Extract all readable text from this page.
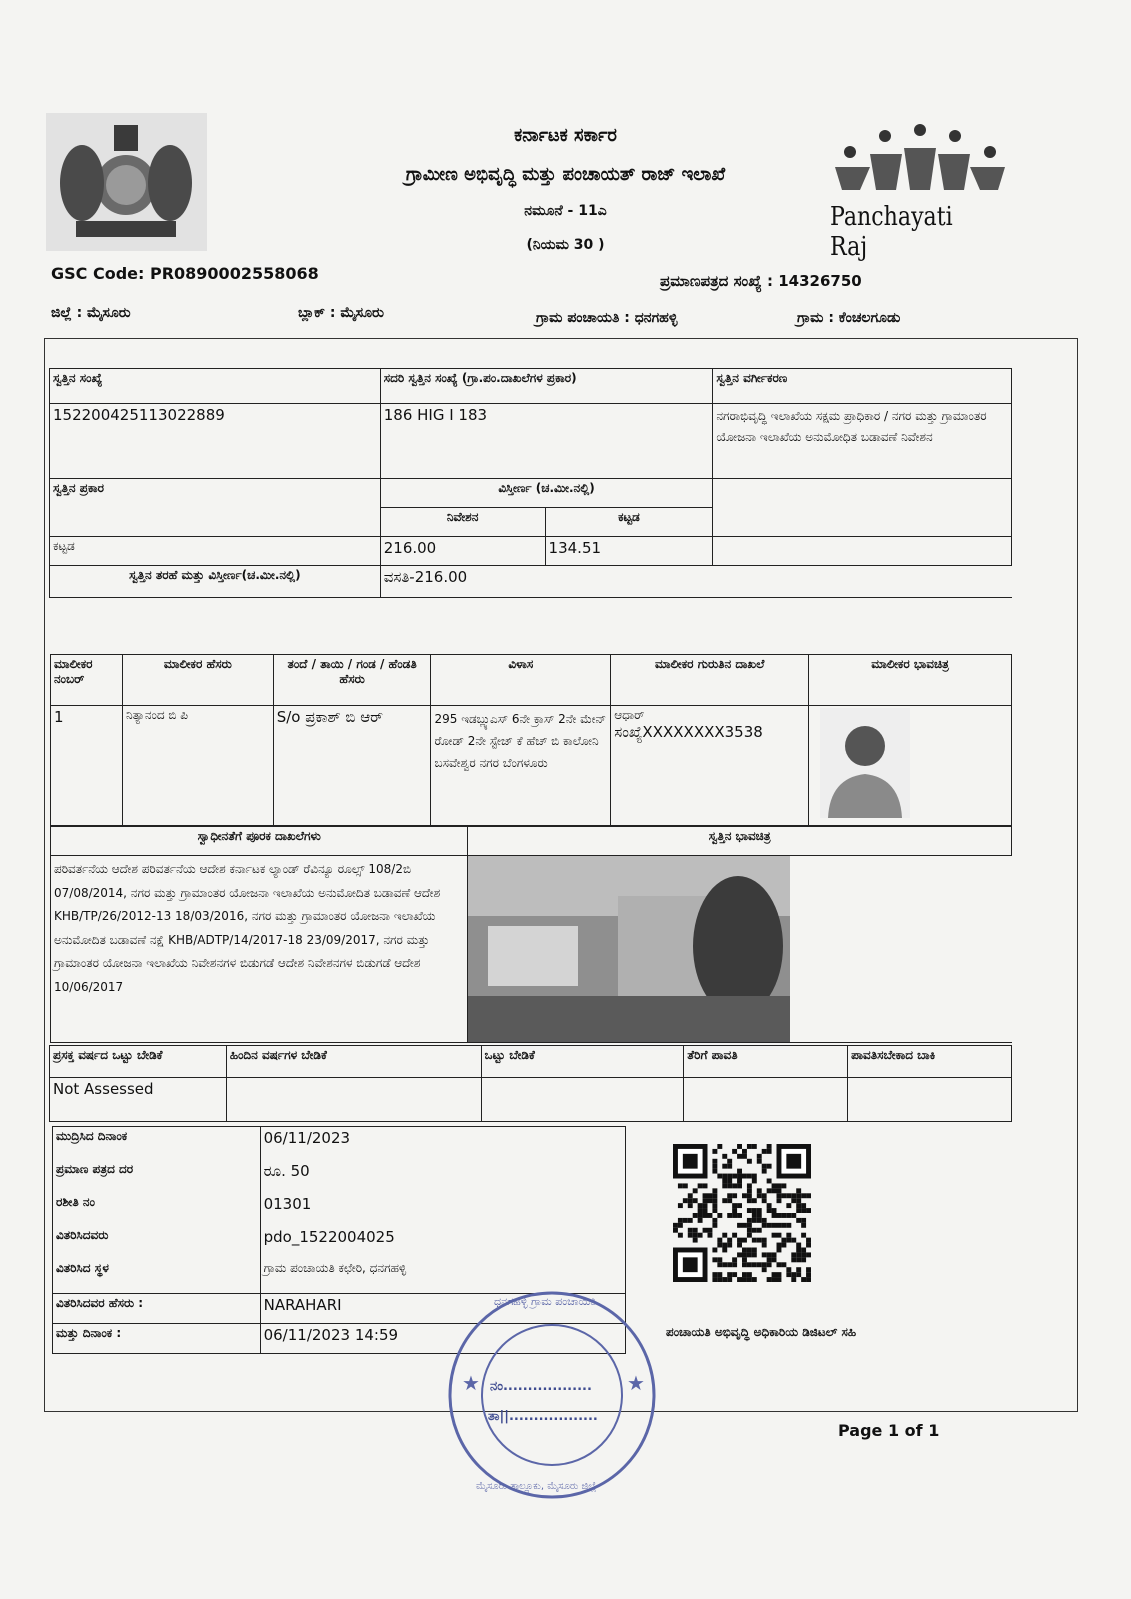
ಕರ್ನಾಟಕ ಸರ್ಕಾರ
ಗ್ರಾಮೀಣ ಅಭಿವೃದ್ಧಿ ಮತ್ತು ಪಂಚಾಯತ್ ರಾಜ್ ಇಲಾಖೆ
ನಮೂನೆ - 11ಎ
(ನಿಯಮ 30 )
Panchayati Raj
GSC Code: PR0890002558068	ಪ್ರಮಾಣಪತ್ರದ ಸಂಖ್ಯೆ : 14326750
ಜಿಲ್ಲೆ : ಮೈಸೂರು	ಬ್ಲಾಕ್ : ಮೈಸೂರು	ಗ್ರಾಮ ಪಂಚಾಯತಿ : ಧನಗಹಳ್ಳಿ	ಗ್ರಾಮ : ಕೆಂಚಲಗೂಡು
ಸ್ವತ್ತಿನ ಸಂಖ್ಯೆ	ಸದರಿ ಸ್ವತ್ತಿನ ಸಂಖ್ಯೆ (ಗ್ರಾ.ಪಂ.ದಾಖಲೆಗಳ ಪ್ರಕಾರ)		ಸ್ವತ್ತಿನ ವರ್ಗೀಕರಣ
152200425113022889	186 HIG I 183		ನಗರಾಭಿವೃದ್ಧಿ ಇಲಾಖೆಯ ಸಕ್ಷಮ ಪ್ರಾಧಿಕಾರ / ನಗರ ಮತ್ತು ಗ್ರಾಮಾಂತರ ಯೋಜನಾ ಇಲಾಖೆಯ ಅನುಮೋಧಿತ ಬಡಾವಣೆ ನಿವೇಶನ
ಸ್ವತ್ತಿನ ಪ್ರಕಾರ	ವಿಸ್ತೀರ್ಣ (ಚ.ಮೀ.ನಲ್ಲಿ)		
	ನಿವೇಶನ	ಕಟ್ಟಡ	
ಕಟ್ಟಡ	216.00	134.51	
ಸ್ವತ್ತಿನ ತರಹೆ ಮತ್ತು ವಿಸ್ತೀರ್ಣ(ಚ.ಮೀ.ನಲ್ಲಿ)	ವಸತಿ-216.00		
ಮಾಲೀಕರ ನಂಬರ್	ಮಾಲೀಕರ ಹೆಸರು	ತಂದೆ / ತಾಯಿ / ಗಂಡ / ಹೆಂಡತಿ ಹೆಸರು	ವಿಳಾಸ	ಮಾಲೀಕರ ಗುರುತಿನ ದಾಖಲೆ	ಮಾಲೀಕರ ಭಾವಚಿತ್ರ
1	ನಿತ್ಯಾನಂದ ಬಿ ಪಿ	S/o ಪ್ರಕಾಶ್ ಬಿ ಆರ್	295 ಇಡಬ್ಲ್ಯುಎಸ್ 6ನೇ ಕ್ರಾಸ್ 2ನೇ ಮೇನ್ ರೋಡ್ 2ನೇ ಸ್ಟೇಜ್ ಕೆ ಹೆಚ್ ಬಿ ಕಾಲೋನಿ ಬಸವೇಶ್ವರ ನಗರ ಬೆಂಗಳೂರು	ಆಧಾರ್
ಸಂಖ್ಯೆXXXXXXXX3538

ಸ್ವಾಧೀನತೆಗೆ ಪೂರಕ ದಾಖಲೆಗಳು	ಸ್ವತ್ತಿನ ಭಾವಚಿತ್ರ
ಪರಿವರ್ತನೆಯ ಆದೇಶ ಪರಿವರ್ತನೆಯ ಆದೇಶ ಕರ್ನಾಟಕ ಲ್ಯಾಂಡ್ ರೆವಿನ್ಯೂ ರೂಲ್ಸ್ 108/2ಬಿ 07/08/2014, ನಗರ ಮತ್ತು ಗ್ರಾಮಾಂತರ ಯೋಜನಾ ಇಲಾಖೆಯ ಅನುಮೋದಿತ ಬಡಾವಣೆ ಆದೇಶ KHB/TP/26/2012-13 18/03/2016, ನಗರ ಮತ್ತು ಗ್ರಾಮಾಂತರ ಯೋಜನಾ ಇಲಾಖೆಯ ಅನುಮೋದಿತ ಬಡಾವಣೆ ನಕ್ಷೆ KHB/ADTP/14/2017-18 23/09/2017, ನಗರ ಮತ್ತು ಗ್ರಾಮಾಂತರ ಯೋಜನಾ ಇಲಾಖೆಯ ನಿವೇಶನಗಳ ಬಿಡುಗಡೆ ಆದೇಶ ನಿವೇಶನಗಳ ಬಿಡುಗಡೆ ಆದೇಶ 10/06/2017	
ಪ್ರಸಕ್ತ ವರ್ಷದ ಒಟ್ಟು ಬೇಡಿಕೆ	ಹಿಂದಿನ ವರ್ಷಗಳ ಬೇಡಿಕೆ	ಒಟ್ಟು ಬೇಡಿಕೆ	ತೆರಿಗೆ ಪಾವತಿ	ಪಾವತಿಸಬೇಕಾದ ಬಾಕಿ
Not Assessed				
ಮುದ್ರಿಸಿದ ದಿನಾಂಕ	06/11/2023
ಪ್ರಮಾಣ ಪತ್ರದ ದರ	ರೂ. 50
ರಶೀತಿ ನಂ	01301
ವಿತರಿಸಿದವರು	pdo_1522004025
ವಿತರಿಸಿದ ಸ್ಥಳ	ಗ್ರಾಮ ಪಂಚಾಯತಿ ಕಛೇರಿ, ಧನಗಹಳ್ಳಿ
ವಿತರಿಸಿದವರ ಹೆಸರು :	NARAHARI
ಮತ್ತು ದಿನಾಂಕ :	06/11/2023 14:59	ಪಂಚಾಯತಿ ಅಭಿವೃದ್ಧಿ ಅಧಿಕಾರಿಯ ಡಿಜಿಟಲ್ ಸಹಿ
★	★
ನಂ..................
ತಾ||..................
ಧನಗಹಳ್ಳಿ ಗ್ರಾಮ ಪಂಚಾಯಿತಿ
ಮೈಸೂರು ತಾಲ್ಲೂಕು, ಮೈಸೂರು ಜಿಲ್ಲೆ
Page 1 of 1
